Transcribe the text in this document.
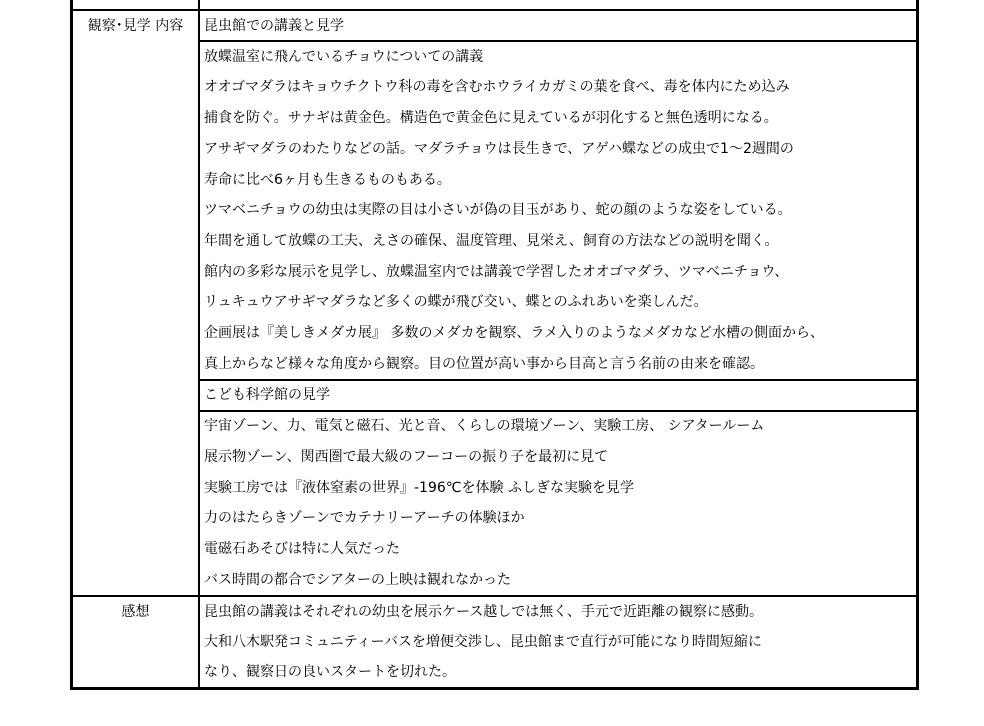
観察･見学 内容	昆虫館での講義と見学
放蝶温室に飛んでいるチョウについての講義
オオゴマダラはキョウチクトウ科の毒を含むホウライカガミの葉を食べ、毒を体内にため込み
捕食を防ぐ。サナギは黄金色。構造色で黄金色に見えているが羽化すると無色透明になる。
アサギマダラのわたりなどの話。マダラチョウは長生きで、アゲハ蝶などの成虫で1～2週間の
寿命に比べ6ヶ月も生きるものもある。
ツマベニチョウの幼虫は実際の目は小さいが偽の目玉があり、蛇の顔のような姿をしている。
年間を通して放蝶の工夫、えさの確保、温度管理、見栄え、飼育の方法などの説明を聞く。
館内の多彩な展示を見学し、放蝶温室内では講義で学習したオオゴマダラ、ツマベニチョウ、
リュキュウアサギマダラなど多くの蝶が飛び交い、蝶とのふれあいを楽しんだ。
企画展は『美しきメダカ展』 多数のメダカを観察、ラメ入りのようなメダカなど水槽の側面から、
真上からなど様々な角度から観察。目の位置が高い事から目高と言う名前の由来を確認。
こども科学館の見学
宇宙ゾーン、力、電気と磁石、光と音、くらしの環境ゾーン、実験工房、 シアタールーム
展示物ゾーン、関西圏で最大級のフーコーの振り子を最初に見て
実験工房では『液体窒素の世界』-196℃を体験 ふしぎな実験を見学
力のはたらきゾーンでカテナリーアーチの体験ほか
電磁石あそびは特に人気だった
バス時間の都合でシアターの上映は観れなかった
感想	昆虫館の講義はそれぞれの幼虫を展示ケース越しでは無く、手元で近距離の観察に感動。
大和八木駅発コミュニティーバスを増便交渉し、昆虫館まで直行が可能になり時間短縮に
なり、観察日の良いスタートを切れた。
